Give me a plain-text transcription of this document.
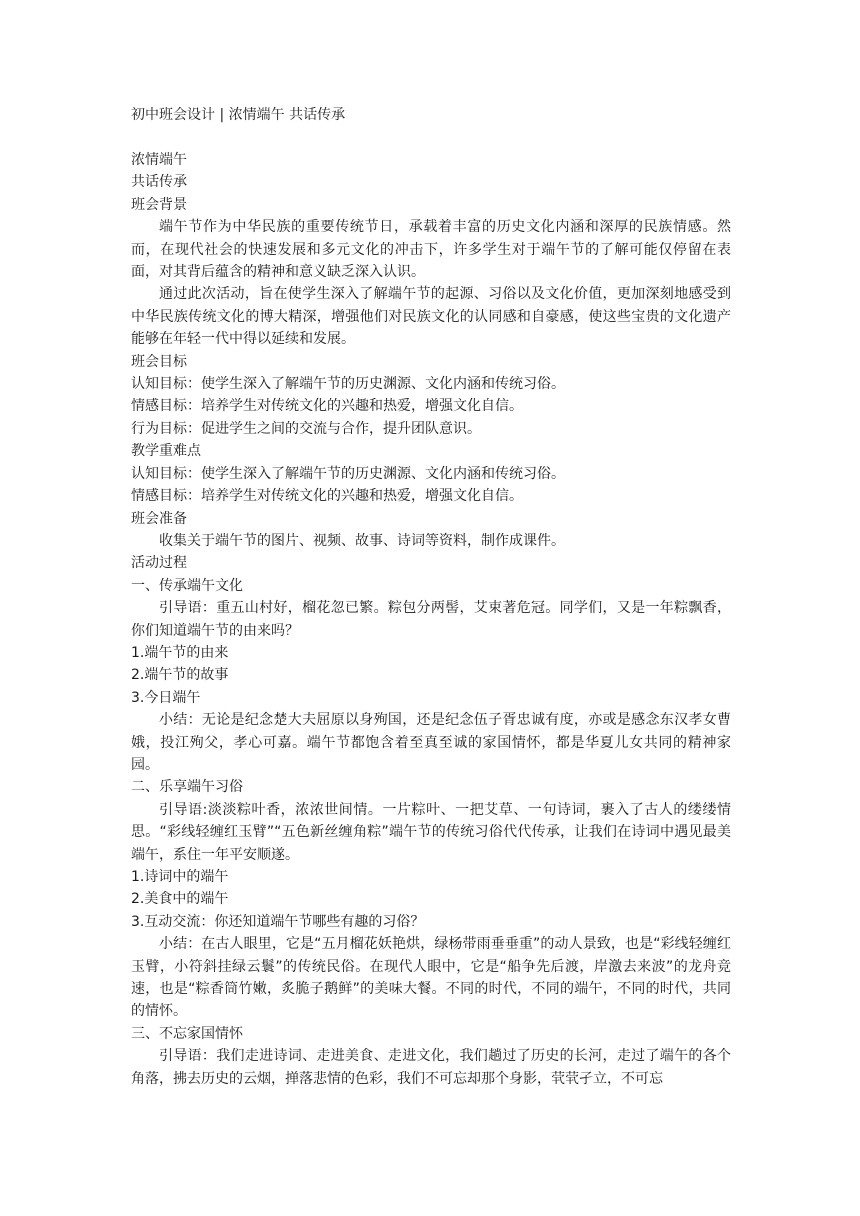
初中班会设计 | 浓情端午 共话传承
浓情端午
共话传承
班会背景
端午节作为中华民族的重要传统节日，承载着丰富的历史文化内涵和深厚的民族情感。然而，在现代社会的快速发展和多元文化的冲击下，许多学生对于端午节的了解可能仅停留在表面，对其背后蕴含的精神和意义缺乏深入认识。
通过此次活动，旨在使学生深入了解端午节的起源、习俗以及文化价值，更加深刻地感受到中华民族传统文化的博大精深，增强他们对民族文化的认同感和自豪感，使这些宝贵的文化遗产能够在年轻一代中得以延续和发展。
班会目标
认知目标：使学生深入了解端午节的历史渊源、文化内涵和传统习俗。
情感目标：培养学生对传统文化的兴趣和热爱，增强文化自信。
行为目标：促进学生之间的交流与合作，提升团队意识。
教学重难点
认知目标：使学生深入了解端午节的历史渊源、文化内涵和传统习俗。
情感目标：培养学生对传统文化的兴趣和热爱，增强文化自信。
班会准备
收集关于端午节的图片、视频、故事、诗词等资料，制作成课件。
活动过程
一、传承端午文化
引导语：重五山村好，榴花忽已繁。粽包分两髻，艾束著危冠。同学们，又是一年粽飘香，你们知道端午节的由来吗？
1.端午节的由来
2.端午节的故事
3.今日端午
小结：无论是纪念楚大夫屈原以身殉国，还是纪念伍子胥忠诚有度，亦或是感念东汉孝女曹娥，投江殉父，孝心可嘉。端午节都饱含着至真至诚的家国情怀，都是华夏儿女共同的精神家园。
二、乐享端午习俗
引导语:淡淡粽叶香，浓浓世间情。一片粽叶、一把艾草、一句诗词，裹入了古人的缕缕情思。“彩线轻缠红玉臂”“五色新丝缠角粽”端午节的传统习俗代代传承，让我们在诗词中遇见最美端午，系住一年平安顺遂。
1.诗词中的端午
2.美食中的端午
3.互动交流：你还知道端午节哪些有趣的习俗？
小结：在古人眼里，它是“五月榴花妖艳烘，绿杨带雨垂垂重”的动人景致，也是“彩线轻缠红玉臂，小符斜挂绿云鬟”的传统民俗。在现代人眼中，它是“船争先后渡，岸激去来波”的龙舟竞速，也是“粽香筒竹嫩，炙脆子鹅鲜”的美味大餐。不同的时代，不同的端午，不同的时代，共同的情怀。
三、不忘家国情怀
引导语：我们走进诗词、走进美食、走进文化，我们趟过了历史的长河，走过了端午的各个角落，拂去历史的云烟，掸落悲情的色彩，我们不可忘却那个身影，茕茕孑立，不可忘
